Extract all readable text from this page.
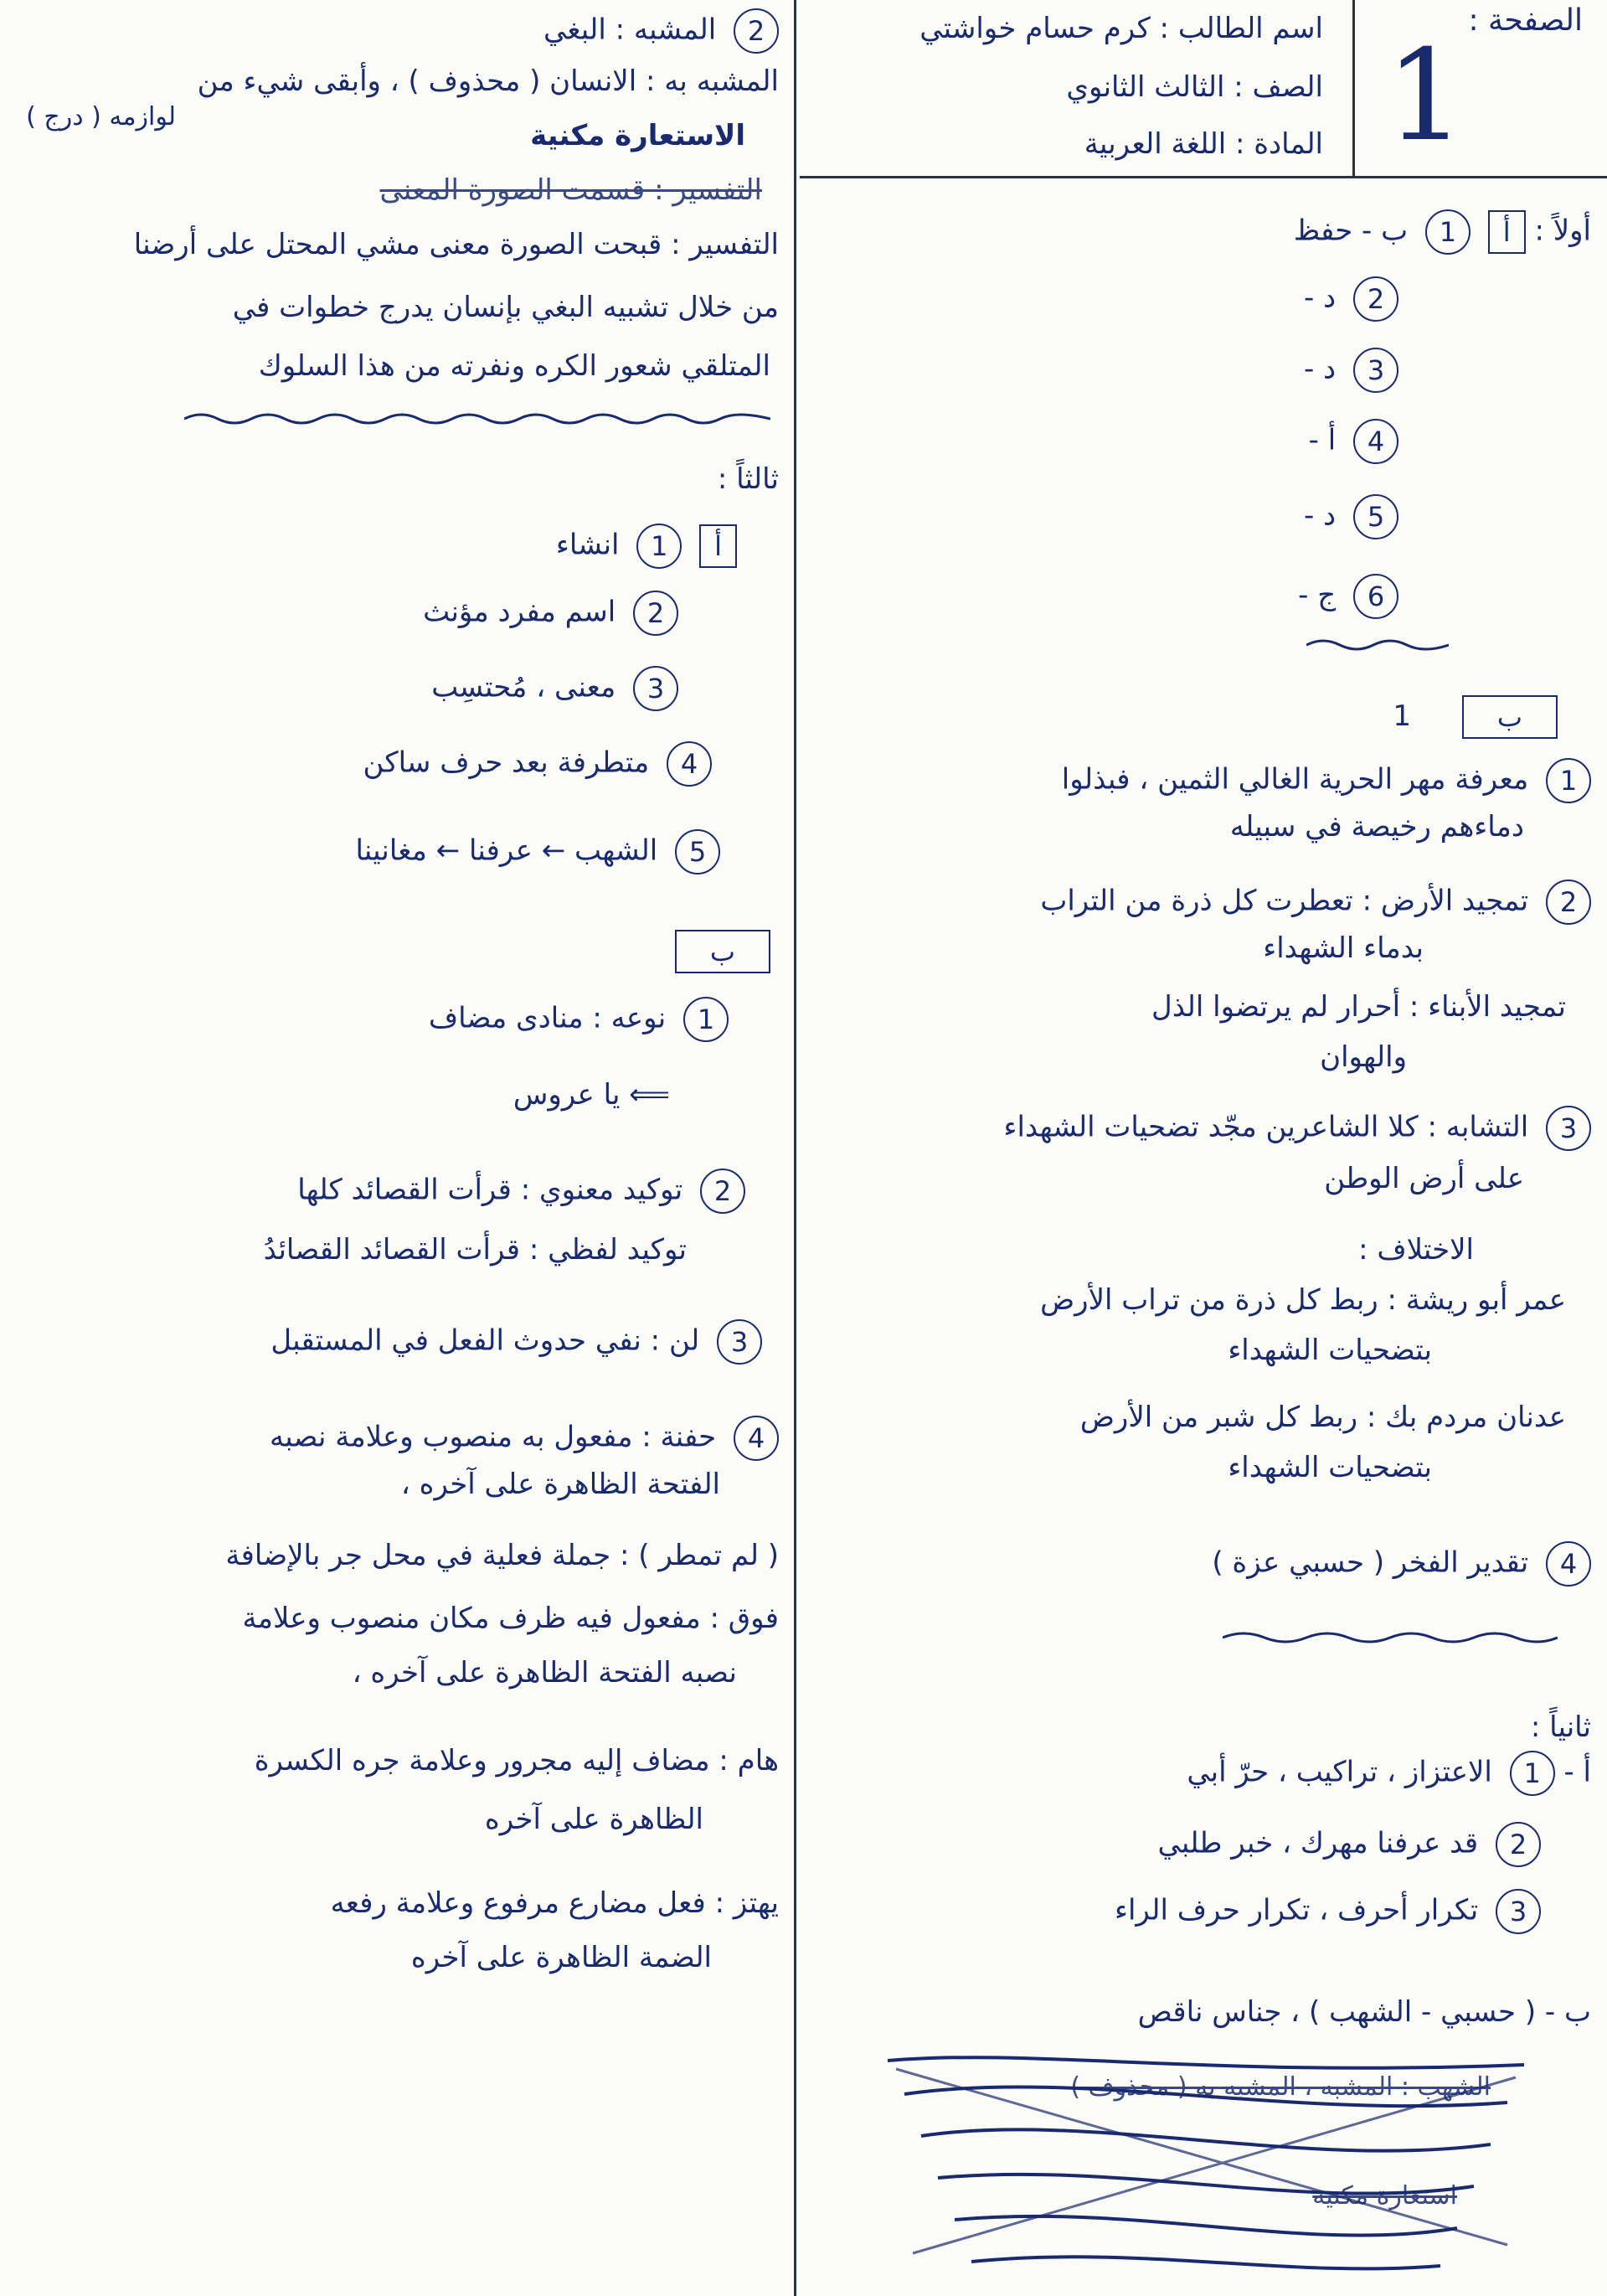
الصفحة :
1
اسم الطالب : كرم حسام خواشتي
الصف : الثالث الثانوي
المادة : اللغة العربية
أولاً : أ 1 ب - حفظ
2 د -
3 د -
4 أ -
5 د -
6 ج -
ب 1
1 معرفة مهر الحرية الغالي الثمين ، فبذلوا
دماءهم رخيصة في سبيله
2 تمجيد الأرض : تعطرت كل ذرة من التراب
بدماء الشهداء
تمجيد الأبناء : أحرار لم يرتضوا الذل
والهوان
3 التشابه : كلا الشاعرين مجّد تضحيات الشهداء
على أرض الوطن
الاختلاف :
عمر أبو ريشة : ربط كل ذرة من تراب الأرض
بتضحيات الشهداء
عدنان مردم بك : ربط كل شبر من الأرض
بتضحيات الشهداء
4 تقدير الفخر ( حسبي عزة )
ثانياً :
أ - 1 الاعتزاز ، تراكيب ، حرّ أبي
2 قد عرفنا مهرك ، خبر طلبي
3 تكرار أحرف ، تكرار حرف الراء
ب - ( حسبي - الشهب ) ، جناس ناقص
الشهب : المشبه ، المشبه به ( محذوف )
استعارة مكنية
2 المشبه : البغي
المشبه به : الانسان ( محذوف ) ، وأبقى شيء من
لوازمه ( درج )
الاستعارة مكنية
التفسير : قسمت الصورة المعنى
التفسير : قبحت الصورة معنى مشي المحتل على أرضنا
من خلال تشبيه البغي بإنسان يدرج خطوات في
المتلقي شعور الكره ونفرته من هذا السلوك
ثالثاً :
أ 1 انشاء
2 اسم مفرد مؤنث
3 معنى ، مُحتسِب
4 متطرفة بعد حرف ساكن
5 الشهب ← عرفنا ← مغانينا
ب
1 نوعه : منادى مضاف
⟸ يا عروس
2 توكيد معنوي : قرأت القصائد كلها
توكيد لفظي : قرأت القصائد القصائدُ
3 لن : نفي حدوث الفعل في المستقبل
4 حفنة : مفعول به منصوب وعلامة نصبه
الفتحة الظاهرة على آخره ،
( لم تمطر ) : جملة فعلية في محل جر بالإضافة
فوق : مفعول فيه ظرف مكان منصوب وعلامة
نصبه الفتحة الظاهرة على آخره ،
هام : مضاف إليه مجرور وعلامة جره الكسرة
الظاهرة على آخره
يهتز : فعل مضارع مرفوع وعلامة رفعه
الضمة الظاهرة على آخره
